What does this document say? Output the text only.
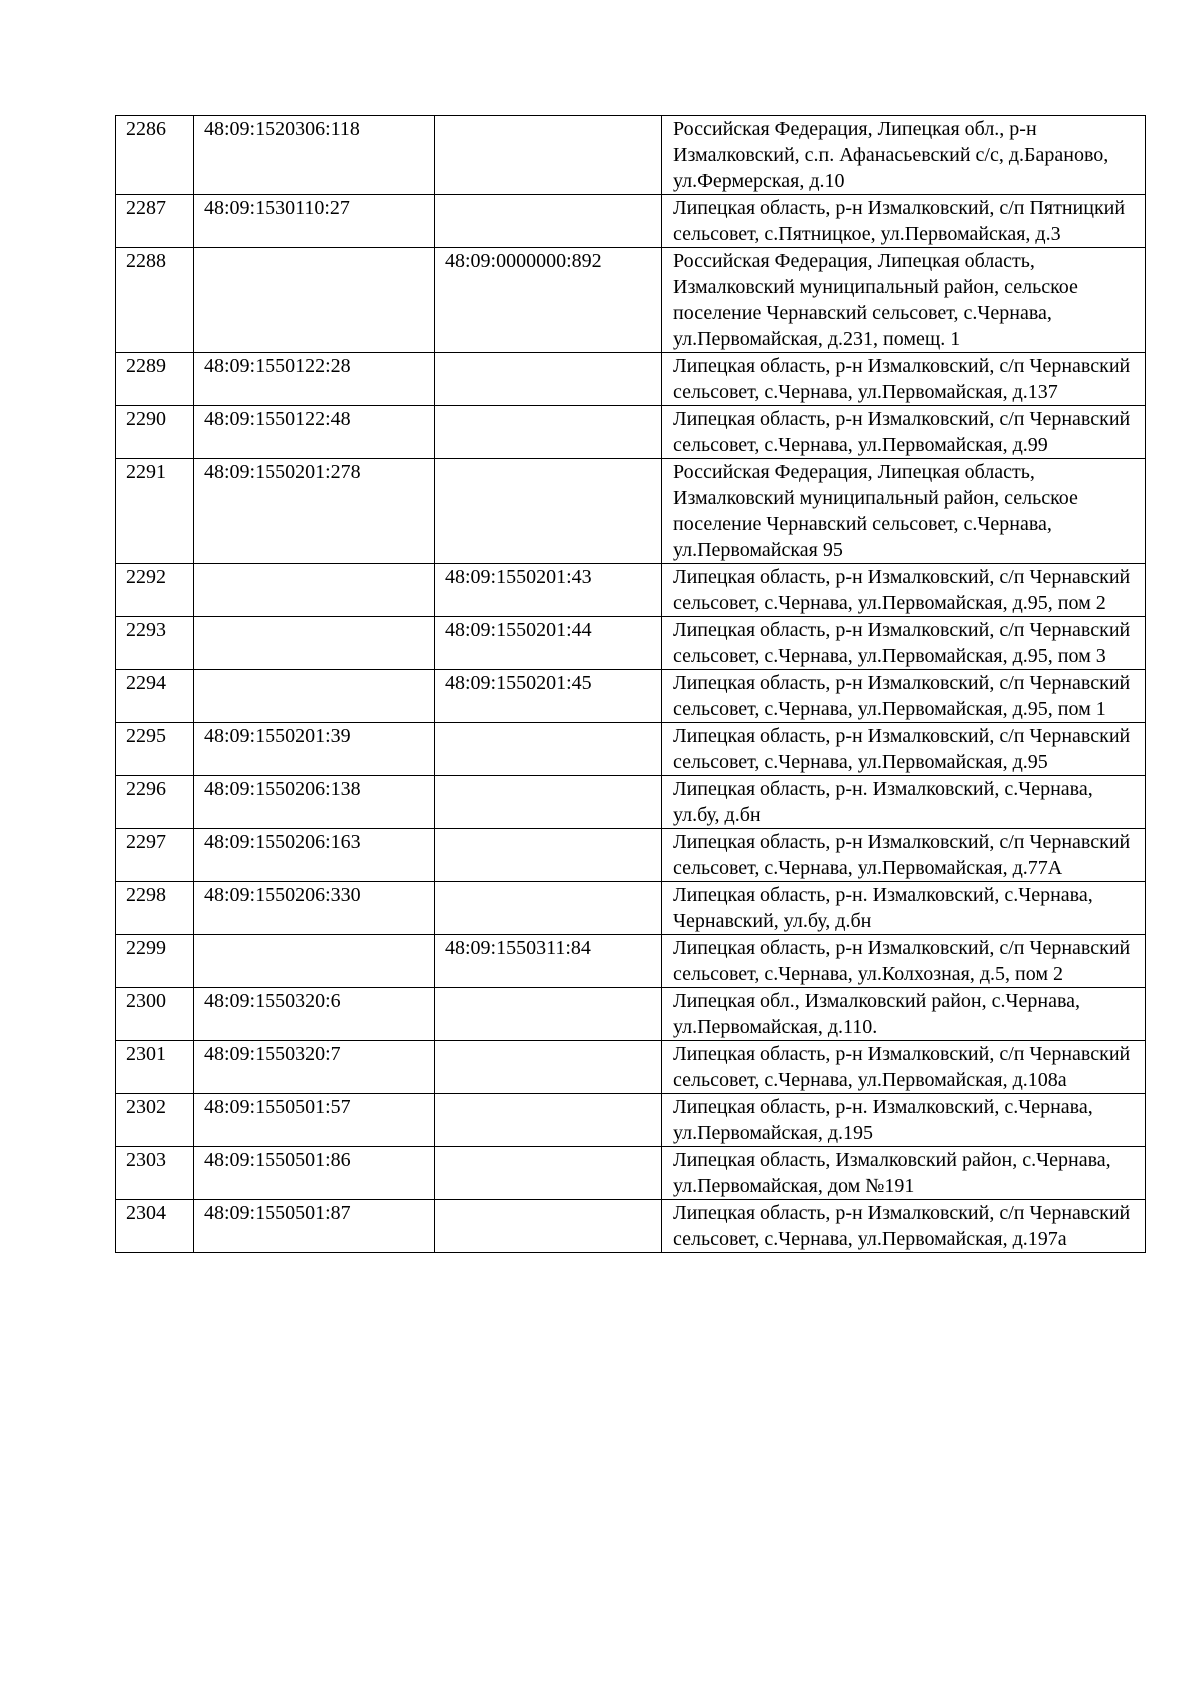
2286	48:09:1520306:118		Российская Федерация, Липецкая обл., р-н Измалковский, с.п. Афанасьевский с/с, д.Бараново, ул.Фермерская, д.10
2287	48:09:1530110:27		Липецкая область, р-н Измалковский, с/п Пятницкий сельсовет, с.Пятницкое, ул.Первомайская, д.3
2288		48:09:0000000:892	Российская Федерация, Липецкая область, Измалковский муниципальный район, сельское поселение Чернавский сельсовет, с.Чернава, ул.Первомайская, д.231, помещ. 1
2289	48:09:1550122:28		Липецкая область, р-н Измалковский, с/п Чернавский сельсовет, с.Чернава, ул.Первомайская, д.137
2290	48:09:1550122:48		Липецкая область, р-н Измалковский, с/п Чернавский сельсовет, с.Чернава, ул.Первомайская, д.99
2291	48:09:1550201:278		Российская Федерация, Липецкая область, Измалковский муниципальный район, сельское поселение Чернавский сельсовет, с.Чернава, ул.Первомайская 95
2292		48:09:1550201:43	Липецкая область, р-н Измалковский, с/п Чернавский сельсовет, с.Чернава, ул.Первомайская, д.95, пом 2
2293		48:09:1550201:44	Липецкая область, р-н Измалковский, с/п Чернавский сельсовет, с.Чернава, ул.Первомайская, д.95, пом 3
2294		48:09:1550201:45	Липецкая область, р-н Измалковский, с/п Чернавский сельсовет, с.Чернава, ул.Первомайская, д.95, пом 1
2295	48:09:1550201:39		Липецкая область, р-н Измалковский, с/п Чернавский сельсовет, с.Чернава, ул.Первомайская, д.95
2296	48:09:1550206:138		Липецкая область, р-н. Измалковский, с.Чернава, ул.бу, д.бн
2297	48:09:1550206:163		Липецкая область, р-н Измалковский, с/п Чернавский сельсовет, с.Чернава, ул.Первомайская, д.77А
2298	48:09:1550206:330		Липецкая область, р-н. Измалковский, с.Чернава, Чернавский, ул.бу, д.бн
2299		48:09:1550311:84	Липецкая область, р-н Измалковский, с/п Чернавский сельсовет, с.Чернава, ул.Колхозная, д.5, пом 2
2300	48:09:1550320:6		Липецкая обл., Измалковский район, с.Чернава, ул.Первомайская, д.110.
2301	48:09:1550320:7		Липецкая область, р-н Измалковский, с/п Чернавский сельсовет, с.Чернава, ул.Первомайская, д.108а
2302	48:09:1550501:57		Липецкая область, р-н. Измалковский, с.Чернава, ул.Первомайская, д.195
2303	48:09:1550501:86		Липецкая область, Измалковский район, с.Чернава, ул.Первомайская, дом №191
2304	48:09:1550501:87		Липецкая область, р-н Измалковский, с/п Чернавский сельсовет, с.Чернава, ул.Первомайская, д.197а
